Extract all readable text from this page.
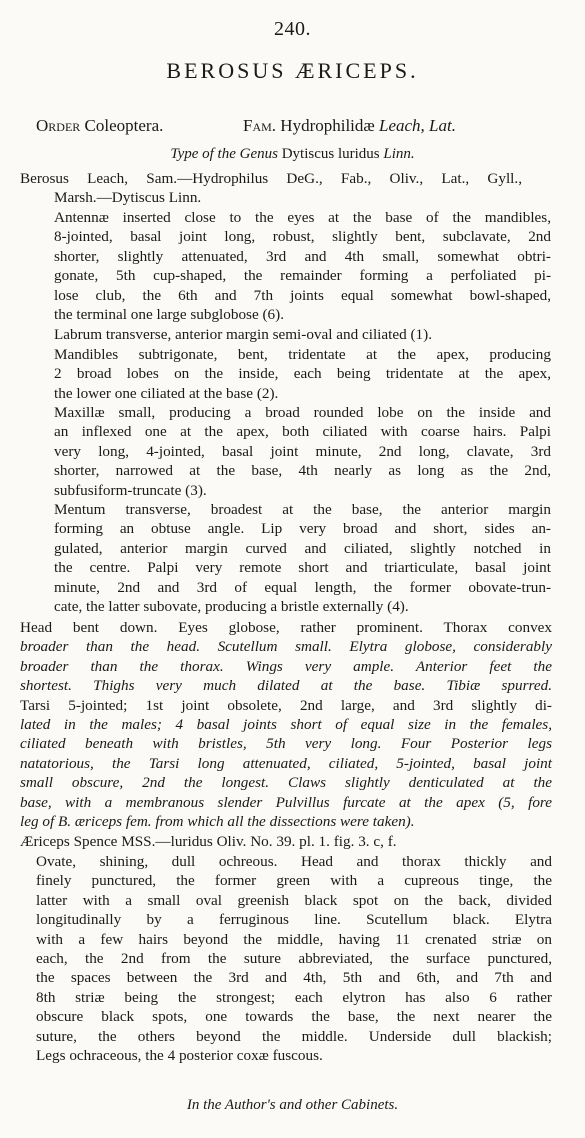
240.
BEROSUS ÆRICEPS.
Order Coleoptera.	Fam. Hydrophilidæ Leach, Lat.
Type of the Genus Dytiscus luridus Linn.
Berosus Leach, Sam.—Hydrophilus DeG., Fab., Oliv., Lat., Gyll.,
Marsh.—Dytiscus Linn.
Antennæ inserted close to the eyes at the base of the mandibles,
8-jointed, basal joint long, robust, slightly bent, subclavate, 2nd
shorter, slightly attenuated, 3rd and 4th small, somewhat obtri-
gonate, 5th cup-shaped, the remainder forming a perfoliated pi-
lose club, the 6th and 7th joints equal somewhat bowl-shaped,
the terminal one large subglobose (6).
Labrum transverse, anterior margin semi-oval and ciliated (1).
Mandibles subtrigonate, bent, tridentate at the apex, producing
2 broad lobes on the inside, each being tridentate at the apex,
the lower one ciliated at the base (2).
Maxillæ small, producing a broad rounded lobe on the inside and
an inflexed one at the apex, both ciliated with coarse hairs. Palpi
very long, 4-jointed, basal joint minute, 2nd long, clavate, 3rd
shorter, narrowed at the base, 4th nearly as long as the 2nd,
subfusiform-truncate (3).
Mentum transverse, broadest at the base, the anterior margin
forming an obtuse angle. Lip very broad and short, sides an-
gulated, anterior margin curved and ciliated, slightly notched in
the centre. Palpi very remote short and triarticulate, basal joint
minute, 2nd and 3rd of equal length, the former obovate-trun-
cate, the latter subovate, producing a bristle externally (4).
Head bent down. Eyes globose, rather prominent. Thorax convex
broader than the head. Scutellum small. Elytra globose, considerably
broader than the thorax. Wings very ample. Anterior feet the
shortest. Thighs very much dilated at the base. Tibiæ spurred.
Tarsi 5-jointed; 1st joint obsolete, 2nd large, and 3rd slightly di-
lated in the males; 4 basal joints short of equal size in the females,
ciliated beneath with bristles, 5th very long. Four Posterior legs
natatorious, the Tarsi long attenuated, ciliated, 5-jointed, basal joint
small obscure, 2nd the longest. Claws slightly denticulated at the
base, with a membranous slender Pulvillus furcate at the apex (5, fore
leg of B. æriceps fem. from which all the dissections were taken).
Æriceps Spence MSS.—luridus Oliv. No. 39. pl. 1. fig. 3. c, f.
Ovate, shining, dull ochreous. Head and thorax thickly and
finely punctured, the former green with a cupreous tinge, the
latter with a small oval greenish black spot on the back, divided
longitudinally by a ferruginous line. Scutellum black. Elytra
with a few hairs beyond the middle, having 11 crenated striæ on
each, the 2nd from the suture abbreviated, the surface punctured,
the spaces between the 3rd and 4th, 5th and 6th, and 7th and
8th striæ being the strongest; each elytron has also 6 rather
obscure black spots, one towards the base, the next nearer the
suture, the others beyond the middle. Underside dull blackish;
Legs ochraceous, the 4 posterior coxæ fuscous.
In the Author's and other Cabinets.
